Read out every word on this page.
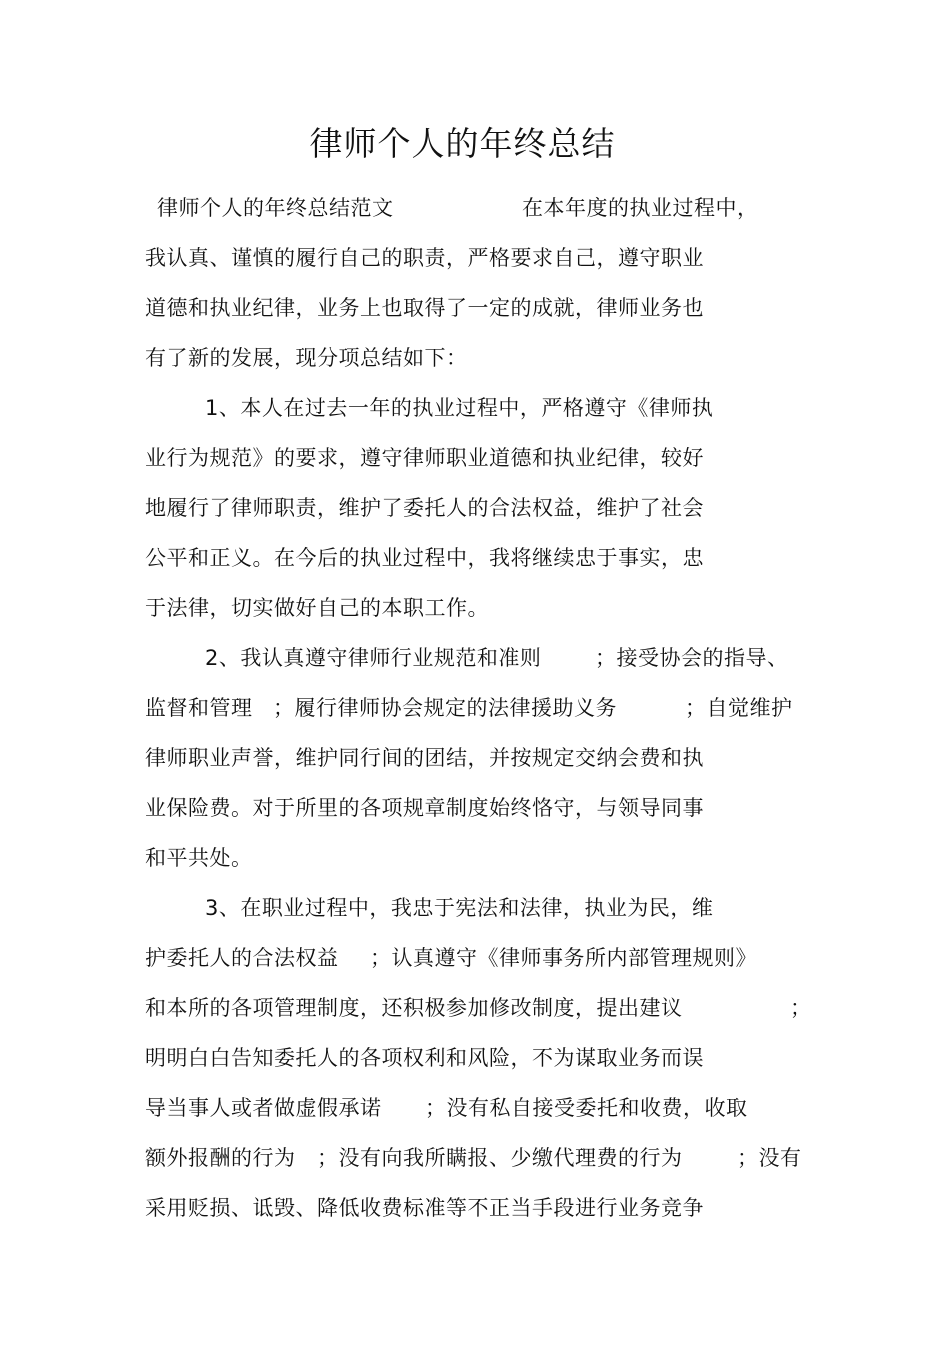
律师个人的年终总结

律师个人的年终总结范文

	在本年度的执业过程中，

我认真、谨慎的履行自己的职责，严格要求自己，遵守职业
道德和执业纪律，业务上也取得了一定的成就，律师业务也
有了新的发展，现分项总结如下：
1、本人在过去一年的执业过程中，严格遵守《律师执
业行为规范》的要求，遵守律师职业道德和执业纪律，较好
地履行了律师职责，维护了委托人的合法权益，维护了社会
公平和正义。在今后的执业过程中，我将继续忠于事实，忠
于法律，切实做好自己的本职工作。

2、我认真遵守律师行业规范和准则

	；接受协会的指导、

监督和管理

；履行律师协会规定的法律援助义务

	；自觉维护

律师职业声誉，维护同行间的团结，并按规定交纳会费和执
业保险费。对于所里的各项规章制度始终恪守，与领导同事
和平共处。
3、在职业过程中，我忠于宪法和法律，执业为民，维

护委托人的合法权益

；认真遵守《律师事务所内部管理规则》

和本所的各项管理制度，还积极参加修改制度，提出建议

	；

明明白白告知委托人的各项权利和风险，不为谋取业务而误

导当事人或者做虚假承诺

；没有私自接受委托和收费，收取

额外报酬的行为

；没有向我所瞒报、少缴代理费的行为

	；没有

采用贬损、诋毁、降低收费标准等不正当手段进行业务竞争
